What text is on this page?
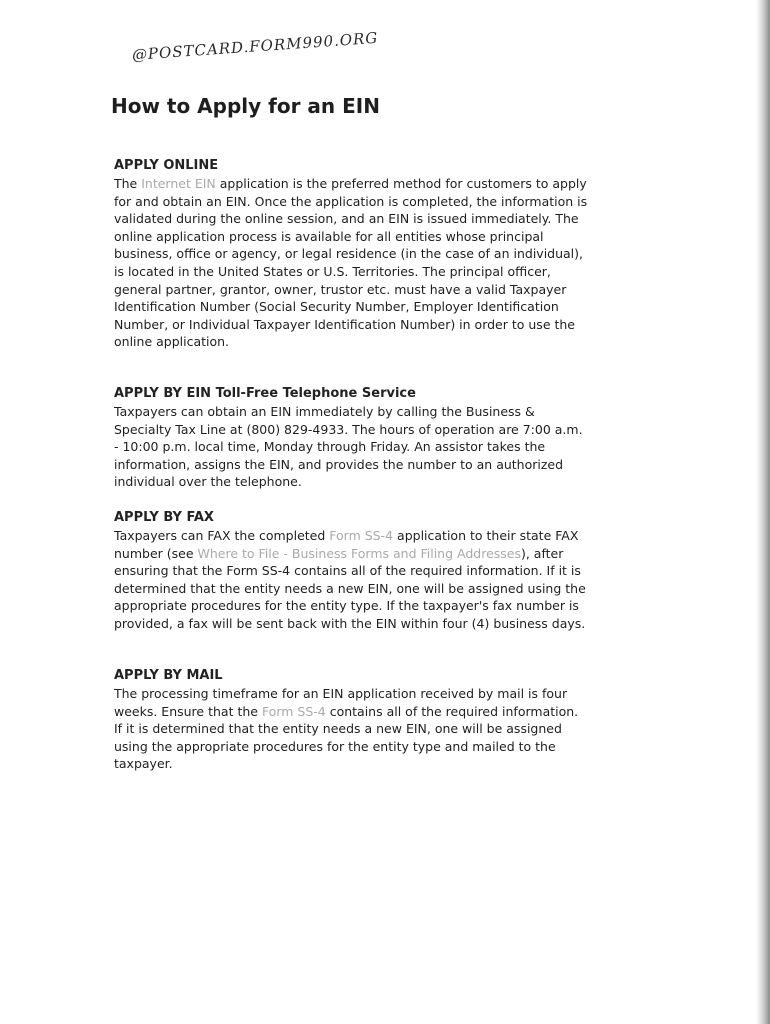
@POSTCARD.FORM990.ORG
How to Apply for an EIN
APPLY ONLINE

The Internet EIN application is the preferred method for customers to apply for and obtain an EIN. Once the application is completed, the information is validated during the online session, and an EIN is issued immediately. The online application process is available for all entities whose principal business, office or agency, or legal residence (in the case of an individual), is located in the United States or U.S. Territories. The principal officer, general partner, grantor, owner, trustor etc. must have a valid Taxpayer Identification Number (Social Security Number, Employer Identification Number, or Individual Taxpayer Identification Number) in order to use the online application.

APPLY BY EIN Toll-Free Telephone Service

Taxpayers can obtain an EIN immediately by calling the Business & Specialty Tax Line at (800) 829-4933. The hours of operation are 7:00 a.m. - 10:00 p.m. local time, Monday through Friday. An assistor takes the information, assigns the EIN, and provides the number to an authorized individual over the telephone.

APPLY BY FAX

Taxpayers can FAX the completed Form SS-4 application to their state FAX number (see Where to File - Business Forms and Filing Addresses), after ensuring that the Form SS-4 contains all of the required information. If it is determined that the entity needs a new EIN, one will be assigned using the appropriate procedures for the entity type. If the taxpayer's fax number is provided, a fax will be sent back with the EIN within four (4) business days.

APPLY BY MAIL

The processing timeframe for an EIN application received by mail is four weeks. Ensure that the Form SS-4 contains all of the required information. If it is determined that the entity needs a new EIN, one will be assigned using the appropriate procedures for the entity type and mailed to the taxpayer.
